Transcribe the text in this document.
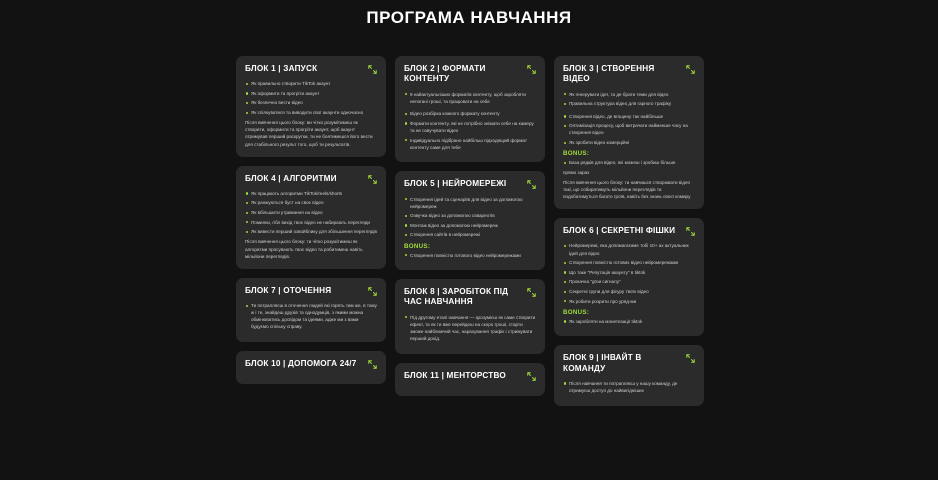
ПРОГРАМА НАВЧАННЯ
БЛОК 1 | ЗАПУСК
Як правильно створити TikTok акаунт
Як оформити та прогріти акаунт
Як безпечно вести відео
Як спілкуватися та виводити свої акаунти одночасно
Після вивчення цього блоку: ви чітко розумітимеш як створити, оформити та прогріти акаунт, щоб акаунт отримував перший раскрутки, ти не боятимешся його вести для стабільного результ того, щоб ти результатів.
БЛОК 4 | АЛГОРИТМИ
Як працюють алгоритми TikTok/reels/shorts
Як ранжуються буст на своє відео
Як вбільшити утримання на відео
Помилки, гібл вихід твоє відео не набирають перегляди
Як вивести перший озвойблику для збільшення переглядів
Після вивчення цього блоку: ти чітко розумітимеш як алгоритми просувають твоє відео та робитимеш навіть мільйони переглядів.
БЛОК 7 | ОТОЧЕННЯ
Ти потрапляєш в оточення людей які горять тим же, в тому ж і те, знайдеш друзів та однодумців, з якими можна обмінюватись досвідом та ідеями, адже ми з вами будуємо спільну справу.
БЛОК 10 | ДОПОМОГА 24/7
БЛОК 2 | ФОРМАТИ КОНТЕНТУ
9 найактуальніших форматів контенту, щоб заробляти непогані гроші, та працювати на себе
Відео розбірка кожного формату контенту
Формати контенту, які не потрібно знімати себе на камеру та не озвучувати відео
Індивідуально підібрано найбільш підходящий формат контенту саме для тебе
БЛОК 5 | НЕЙРОМЕРЕЖІ
Створення ідей та сценаріїв для відео за допомогою нейромереж
Озвучка відео за допомогою озвареотів
Монтаж відео за допомогою нейромереж
Створення сайтів в нейромережі
BONUS:
Створення повністю готового відео нейромережами
БЛОК 8 | ЗАРОБІТОК ПІД ЧАС НАВЧАННЯ
Під другому етапі навчання — зрозумієш як саме створити ефект, та як ти вже перейдеш на скоро гроші, старти зможе найближчий час, нарахування трафік і стримувати перший дохід.
БЛОК 11 | МЕНТОРСТВО
БЛОК 3 | СТВОРЕННЯ ВІДЕО
Як генерувати ідеї, та де брати теми для відео
Правильна структура відео для гарного трафіку
Створення відео, де вгощену так найбільше
Оптимізація процесу, щоб витрачати найменше часу на створення відео
Як зробити відео комерційні
BONUS:
База рядків для відео, які можеш і зробиш більше
прямо зараз
Після вивчення цього блоку: ти навчишся створювати відео такі, що собиратимуть мільйони переглядів та подобатимуться багато гроїв, навіть без знань своєї комиру
БЛОК 6 | СЕКРЕТНІ ФІШКИ
Нейромережі, яка допомагатиме тобі 10+ ах актуальних ідей для відео
Створення повністю готових відео нейромережами
Що таке "Репутація акаунту" в tiktok
Прокачка "groи сигналу"
Секретні групи для фігуру твоїх відео
Як робити розрити про уряд-ми
BONUS:
Як заробляти на монетизації tiktok
БЛОК 9 | ІНВАЙТ В КОМАНДУ
Після навчання ти потрапляєш у нашу команду, де отримуєш доступ до найвигідніших
